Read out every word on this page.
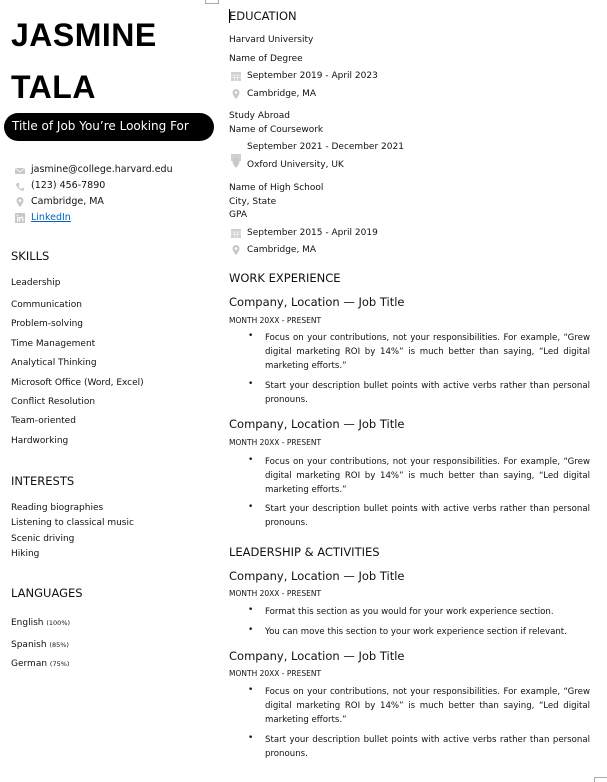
JASMINE
TALA
Title of Job You’re Looking For
jasmine@college.harvard.edu
(123) 456-7890
Cambridge, MA
LinkedIn
SKILLS
Leadership
Communication
Problem-solving
Time Management
Analytical Thinking
Microsoft Office (Word, Excel)
Conflict Resolution
Team-oriented
Hardworking
INTERESTS
Reading biographies
Listening to classical music
Scenic driving
Hiking
LANGUAGES
English (100%)
Spanish (85%)
German (75%)
EDUCATION
Harvard University
Name of Degree
September 2019 - April 2023
Cambridge, MA
Study Abroad
Name of Coursework
September 2021 - December 2021
Oxford University, UK
Name of High School
City, State
GPA
September 2015 - April 2019
Cambridge, MA
WORK EXPERIENCE
Company, Location — Job Title
MONTH 20XX - PRESENT
• Focus on your contributions, not your responsibilities. For example, “Grew digital marketing ROI by 14%” is much better than saying, “Led digital marketing efforts.”
• Start your description bullet points with active verbs rather than personal pronouns.
Company, Location — Job Title
MONTH 20XX - PRESENT
• Focus on your contributions, not your responsibilities. For example, “Grew digital marketing ROI by 14%” is much better than saying, “Led digital marketing efforts.”
• Start your description bullet points with active verbs rather than personal pronouns.
LEADERSHIP & ACTIVITIES
Company, Location — Job Title
MONTH 20XX - PRESENT
• Format this section as you would for your work experience section.
• You can move this section to your work experience section if relevant.
Company, Location — Job Title
MONTH 20XX - PRESENT
• Focus on your contributions, not your responsibilities. For example, “Grew digital marketing ROI by 14%” is much better than saying, “Led digital marketing efforts.”
• Start your description bullet points with active verbs rather than personal pronouns.
